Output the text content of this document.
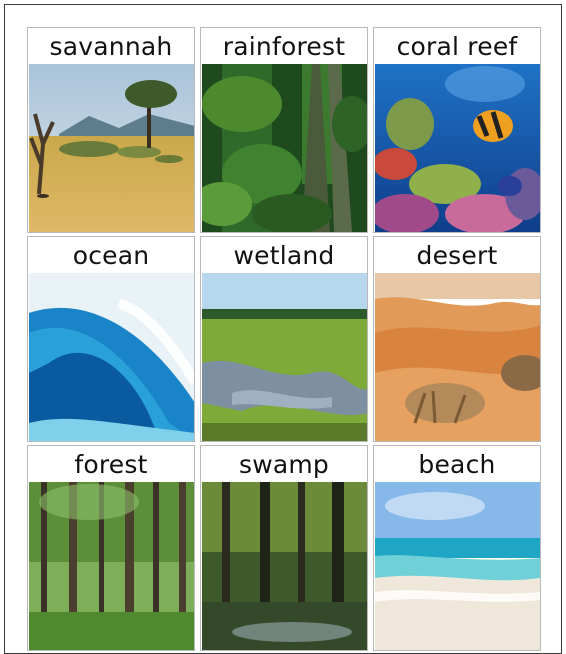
savannah	rainforest	coral reef
ocean	wetland	desert
forest	swamp	beach
